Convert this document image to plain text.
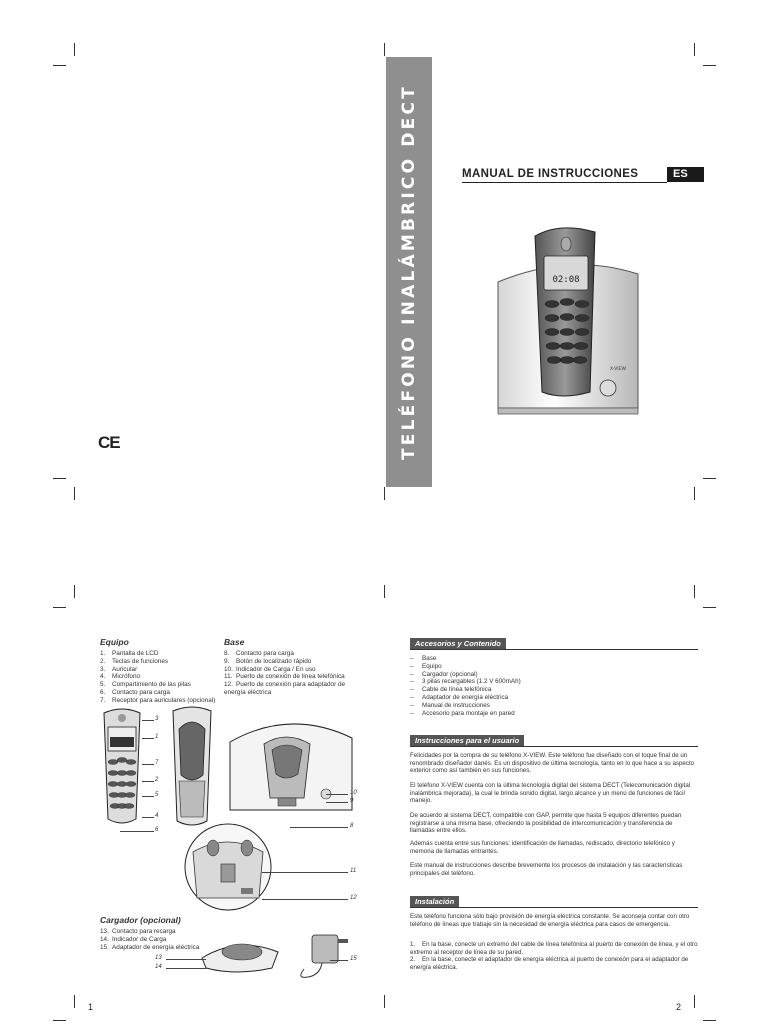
TELÉFONO INALÁMBRICO DECT	MANUAL DE INSTRUCCIONES	ES
CE
02:08
X-VIEW
Equipo
1. Pantalla de LCD
2. Teclas de funciones
3. Auricular
4. Micrófono
5. Compartimiento de las pilas
6. Contacto para carga
7. Receptor para auriculares (opcional)
Base
8. Contacto para carga
9. Botón de localizado rápido
10. Indicador de Carga / En uso
11. Puerto de conexión de línea telefónica
12. Puerto de conexión para adaptador de energía eléctrica
3
1
7
2
5
4
6
10
9
8
11
12
Cargador (opcional)
13. Contacto para recarga
14. Indicador de Carga
15. Adaptador de energía eléctrica
13
14
15
1
Accesorios y Contenido
– Base
– Equipo
– Cargador (opcional)
– 3 pilas recargables (1.2 V 600mAh)
– Cable de línea telefónica
– Adaptador de energía eléctrica
– Manual de instrucciones
– Accesorio para montaje en pared
Instrucciones para el usuario
Felicidades por la compra de su teléfono X-VIEW. Este teléfono fue diseñado con el toque final de un renombrado diseñador danés. Es un dispositivo de última tecnología, tanto en lo que hace a su aspecto exterior como así también en sus funciones.
El teléfono X-VIEW cuenta con la última tecnología digital del sistema DECT (Telecomunicación digital inalámbrica mejorada), la cual le brinda sonido digital, largo alcance y un menú de funciones de fácil manejo.
De acuerdo al sistema DECT, compatible con GAP, permite que hasta 5 equipos diferentes puedan registrarse a una misma base, ofreciendo la posibilidad de intercomunicación y transferencia de llamadas entre ellos.
Además cuenta entre sus funciones: identificación de llamadas, rediscado, directorio telefónico y memoria de llamadas entrantes.
Este manual de instrucciones describe brevemente los procesos de instalación y las características principales del teléfono.
Instalación
Este teléfono funciona sólo bajo provisión de energía eléctrica constante. Se aconseja contar con otro teléfono de líneas que trabaje sin la necesidad de energía eléctrica para casos de emergencia.
1. En la base, conecte un extremo del cable de línea telefónica al puerto de conexión de línea, y el otro extremo al receptor de línea de su pared.
2. En la base, conecte el adaptador de energía eléctrica al puerto de conexión para el adaptador de energía eléctrica.
2
